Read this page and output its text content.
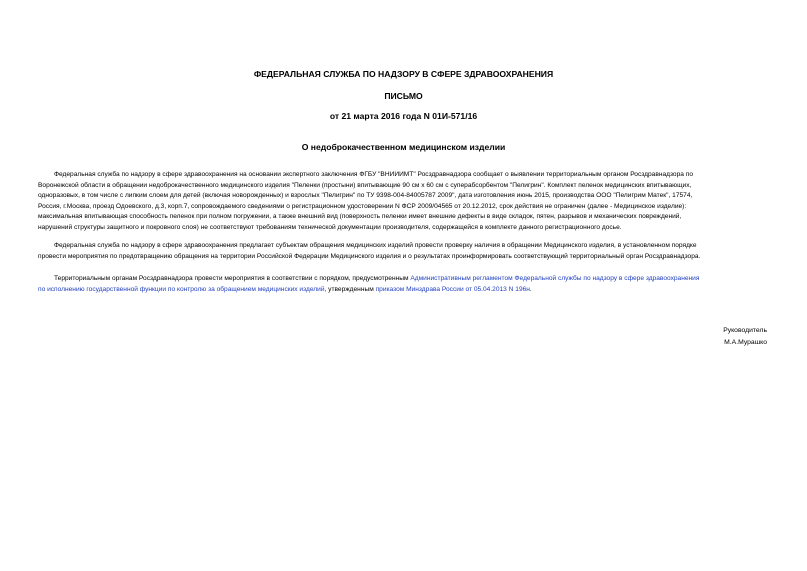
ФЕДЕРАЛЬНАЯ СЛУЖБА ПО НАДЗОРУ В СФЕРЕ ЗДРАВООХРАНЕНИЯ
ПИСЬМО
от 21 марта 2016 года N 01И-571/16
О недоброкачественном медицинском изделии
Федеральная служба по надзору в сфере здравоохранения на основании экспертного заключения ФГБУ "ВНИИИМТ" Росздравнадзора сообщает о выявлении территориальным органом Росздравнадзора по
Воронежской области в обращении недоброкачественного медицинского изделия "Пеленки (простыни) впитывающие 90 см х 60 см с суперабсорбентом "Пелигрин". Комплект пеленок медицинских впитывающих,
одноразовых, в том числе с липким слоем для детей (включая новорожденных) и взрослых "Пелигрин" по ТУ 9398-004-84005787 2009", дата изготовления июнь 2015, производства ООО "Пелигрим Матек", 17574,
Россия, г.Москва, проезд Одоевского, д.3, корп.7, сопровождаемого сведениями о регистрационном удостоверении N ФСР 2009/04565 от 20.12.2012, срок действия не ограничен (далее - Медицинское изделие):
максимальная впитывающая способность пеленок при полном погружении, а также внешний вид (поверхность пеленки имеет внешние дефекты в виде складок, пятен, разрывов и механических повреждений,
нарушений структуры защитного и покровного слоя) не соответствуют требованиям технической документации производителя, содержащейся в комплекте данного регистрационного досье.
Федеральная служба по надзору в сфере здравоохранения предлагает субъектам обращения медицинских изделий провести проверку наличия в обращении Медицинского изделия, в установленном порядке
провести мероприятия по предотвращению обращения на территории Российской Федерации Медицинского изделия и о результатах проинформировать соответствующий территориальный орган Росздравнадзора.
Территориальным органам Росздравнадзора провести мероприятия в соответствии с порядком, предусмотренным Административным регламентом Федеральной службы по надзору в сфере здравоохранения
по исполнению государственной функции по контролю за обращением медицинских изделий, утвержденным приказом Минздрава России от 05.04.2013 N 196н.
Руководитель
М.А.Мурашко
